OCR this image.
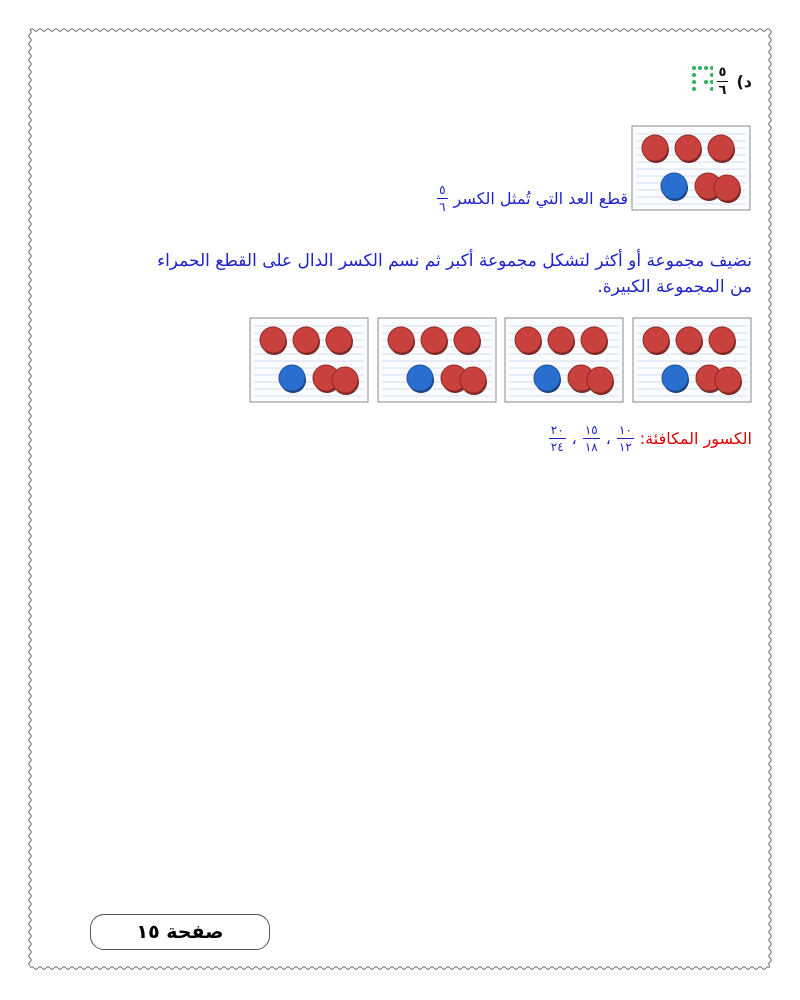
د)
$\frac{٥}{٦}$
قطع العد التي تُمثل الكسر
$\frac{٥}{٦}$
نضيف مجموعة أو أكثر لتشكل مجموعة أكبر ثم نسم الكسر الدال على القطع الحمراء
من المجموعة الكبيرة.
الكسور المكافئة:
$\frac{١٠}{١٢}$
،
$\frac{١٥}{١٨}$
،
$\frac{٢٠}{٢٤}$
صفحة ١٥
